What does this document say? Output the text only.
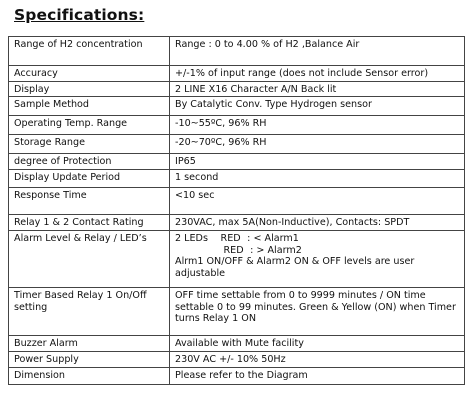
Specifications:
Range of H2 concentration	Range : 0 to 4.00 % of H2 ,Balance Air
Accuracy	+/-1% of input range (does not include Sensor error)
Display	2 LINE X16 Character A/N Back lit
Sample Method	By Catalytic Conv. Type Hydrogen sensor
Operating Temp. Range	-10~55ºC, 96% RH
Storage Range	-20~70ºC, 96% RH
degree of Protection	IP65
Display Update Period	1 second
Response Time	<10 sec
Relay 1 & 2 Contact Rating	230VAC, max 5A(Non-Inductive), Contacts: SPDT
Alarm Level & Relay / LED’s	2 LEDs RED : < Alarm1
RED : > Alarm2
Alrm1 ON/OFF & Alarm2 ON & OFF levels are user adjustable

Timer Based Relay 1 On/Off setting	OFF time settable from 0 to 9999 minutes / ON time settable 0 to 99 minutes. Green & Yellow (ON) when Timer turns Relay 1 ON
Buzzer Alarm	Available with Mute facility
Power Supply	230V AC +/- 10% 50Hz
Dimension	Please refer to the Diagram
